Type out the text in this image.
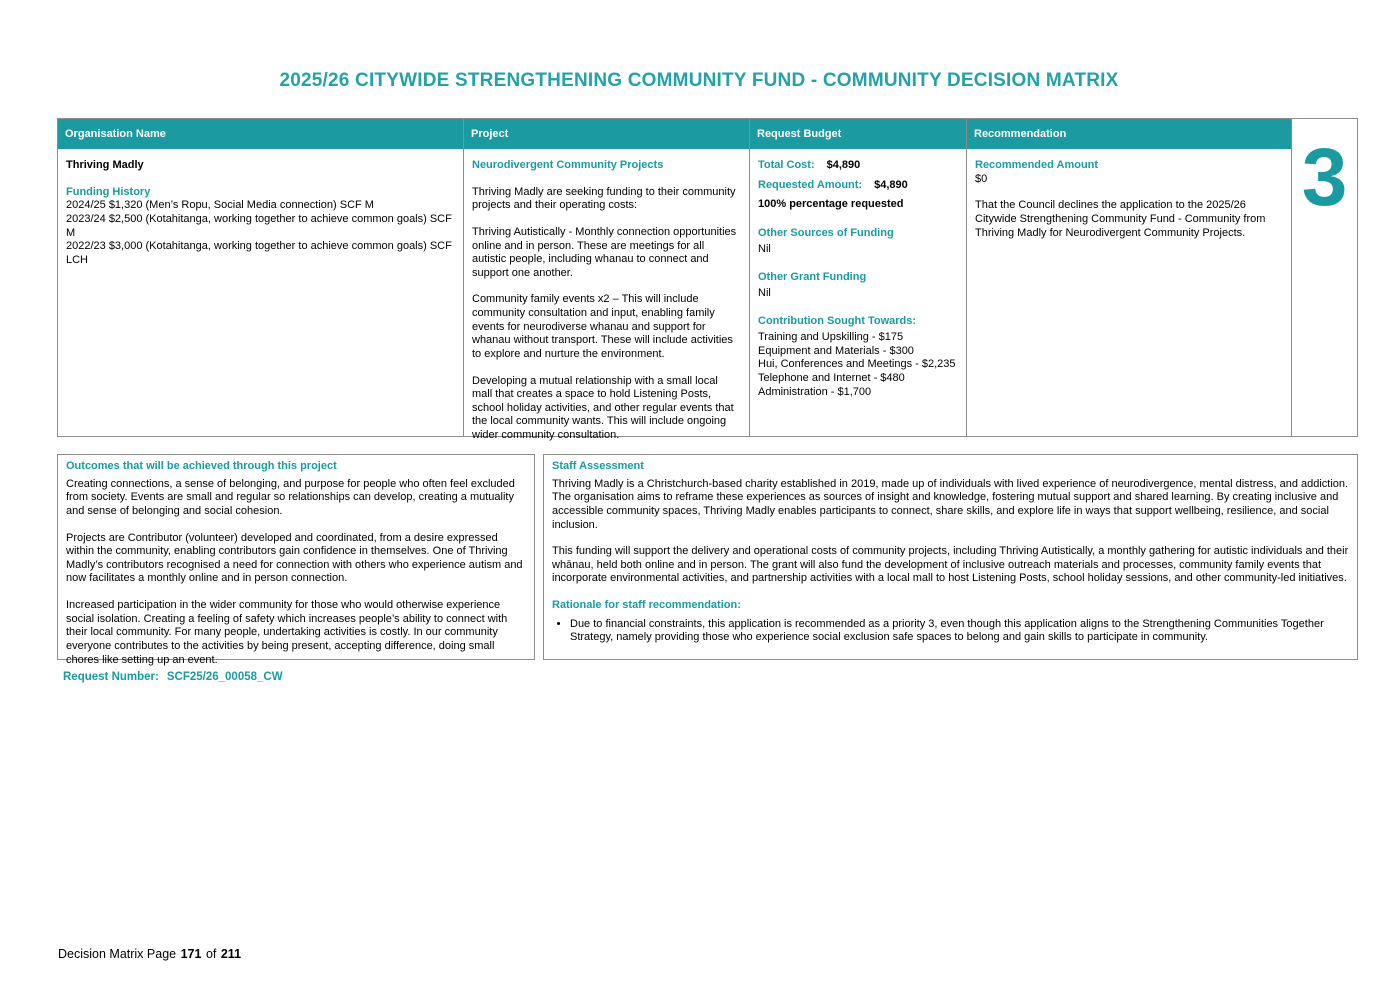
2025/26 CITYWIDE STRENGTHENING COMMUNITY FUND - COMMUNITY DECISION MATRIX
Organisation Name
Thriving Madly
Funding History
2024/25 $1,320 (Men’s Ropu, Social Media connection) SCF M
2023/24 $2,500 (Kotahitanga, working together to achieve common goals) SCF M
2022/23 $3,000 (Kotahitanga, working together to achieve common goals) SCF LCH
Project
Neurodivergent Community Projects

Thriving Madly are seeking funding to their community projects and their operating costs:

Thriving Autistically - Monthly connection opportunities online and in person. These are meetings for all autistic people, including whanau to connect and support one another.

Community family events x2 – This will include community consultation and input, enabling family events for neurodiverse whanau and support for whanau without transport. These will include activities to explore and nurture the environment.

Developing a mutual relationship with a small local mall that creates a space to hold Listening Posts, school holiday activities, and other regular events that the local community wants. This will include ongoing wider community consultation.

Request Budget
Total Cost: $4,890
Requested Amount: $4,890
100% percentage requested
Other Sources of Funding
Nil
Other Grant Funding
Nil
Contribution Sought Towards:
Training and Upskilling - $175
Equipment and Materials - $300
Hui, Conferences and Meetings - $2,235
Telephone and Internet - $480
Administration - $1,700
Recommendation
Recommended Amount
$0

That the Council declines the application to the 2025/26 Citywide Strengthening Community Fund - Community from Thriving Madly for Neurodivergent Community Projects.

3
Outcomes that will be achieved through this project

Creating connections, a sense of belonging, and purpose for people who often feel excluded from society. Events are small and regular so relationships can develop, creating a mutuality and sense of belonging and social cohesion.

Projects are Contributor (volunteer) developed and coordinated, from a desire expressed within the community, enabling contributors gain confidence in themselves. One of Thriving Madly’s contributors recognised a need for connection with others who experience autism and now facilitates a monthly online and in person connection.

Increased participation in the wider community for those who would otherwise experience social isolation. Creating a feeling of safety which increases people’s ability to connect with their local community. For many people, undertaking activities is costly. In our community everyone contributes to the activities by being present, accepting difference, doing small chores like setting up an event.

Staff Assessment

Thriving Madly is a Christchurch-based charity established in 2019, made up of individuals with lived experience of neurodivergence, mental distress, and addiction. The organisation aims to reframe these experiences as sources of insight and knowledge, fostering mutual support and shared learning. By creating inclusive and accessible community spaces, Thriving Madly enables participants to connect, share skills, and explore life in ways that support wellbeing, resilience, and social inclusion.

This funding will support the delivery and operational costs of community projects, including Thriving Autistically, a monthly gathering for autistic individuals and their whānau, held both online and in person. The grant will also fund the development of inclusive outreach materials and processes, community family events that incorporate environmental activities, and partnership activities with a local mall to host Listening Posts, school holiday sessions, and other community-led initiatives.

Rationale for staff recommendation:
• Due to financial constraints, this application is recommended as a priority 3, even though this application aligns to the Strengthening Communities Together Strategy, namely providing those who experience social exclusion safe spaces to belong and gain skills to participate in community.
Request Number: SCF25/26_00058_CW
Decision Matrix Page 171 of 211
